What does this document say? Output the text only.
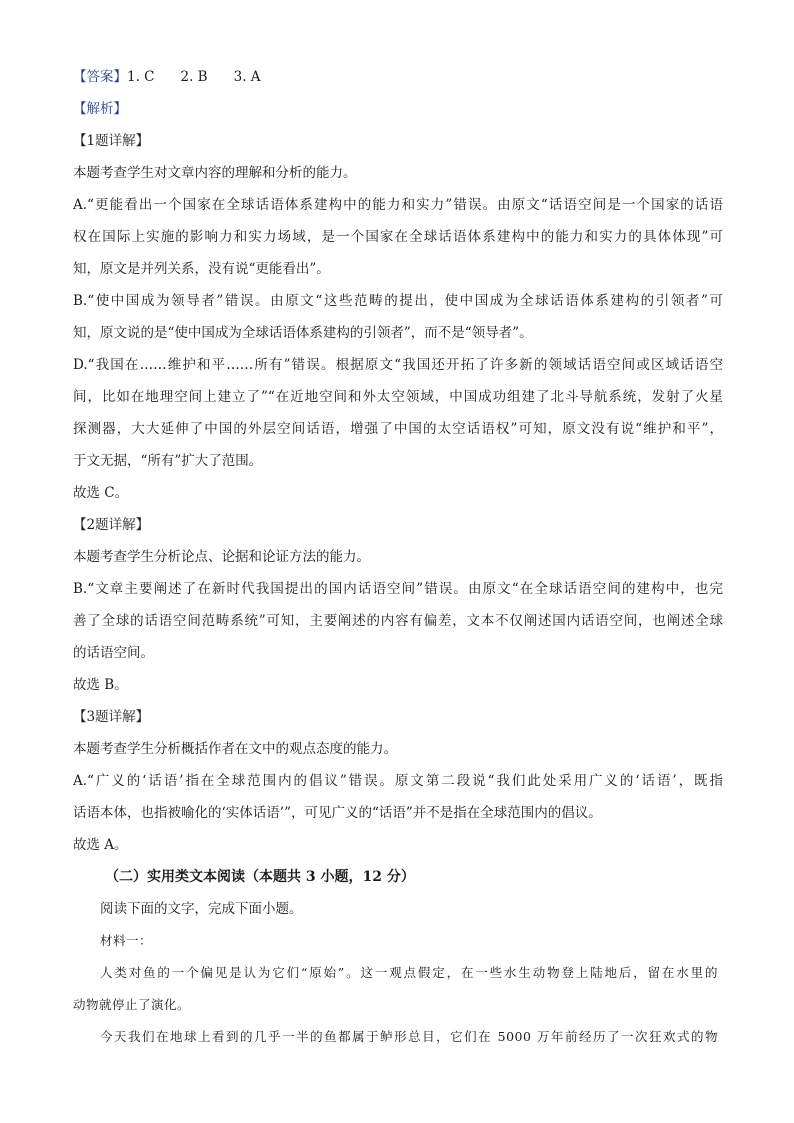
【答案】1. C 2. B 3. A
【解析】
【1题详解】
本题考查学生对文章内容的理解和分析的能力。
A.“更能看出一个国家在全球话语体系建构中的能力和实力”错误。由原文“话语空间是一个国家的话语
权在国际上实施的影响力和实力场域，是一个国家在全球话语体系建构中的能力和实力的具体体现”可
知，原文是并列关系，没有说“更能看出”。
B.“使中国成为领导者”错误。由原文“这些范畴的提出，使中国成为全球话语体系建构的引领者”可
知，原文说的是“使中国成为全球话语体系建构的引领者”，而不是“领导者”。
D.“我国在……维护和平……所有”错误。根据原文“我国还开拓了许多新的领域话语空间或区域话语空
间，比如在地理空间上建立了”“在近地空间和外太空领域，中国成功组建了北斗导航系统，发射了火星
探测器，大大延伸了中国的外层空间话语，增强了中国的太空话语权”可知，原文没有说“维护和平”，
于文无据，“所有”扩大了范围。
故选 C。
【2题详解】
本题考查学生分析论点、论据和论证方法的能力。
B.“文章主要阐述了在新时代我国提出的国内话语空间”错误。由原文“在全球话语空间的建构中，也完
善了全球的话语空间范畴系统”可知，主要阐述的内容有偏差，文本不仅阐述国内话语空间，也阐述全球
的话语空间。
故选 B。
【3题详解】
本题考查学生分析概括作者在文中的观点态度的能力。
A.“广义的‘话语’指在全球范围内的倡议”错误。原文第二段说“我们此处采用广义的‘话语’，既指
话语本体，也指被喻化的‘实体话语’”，可见广义的“话语”并不是指在全球范围内的倡议。
故选 A。
（二）实用类文本阅读（本题共 3 小题，12 分）
阅读下面的文字，完成下面小题。
材料一：
人类对鱼的一个偏见是认为它们“原始”。这一观点假定，在一些水生动物登上陆地后，留在水里的
动物就停止了演化。
今天我们在地球上看到的几乎一半的鱼都属于鲈形总目，它们在 5000 万年前经历了一次狂欢式的物
